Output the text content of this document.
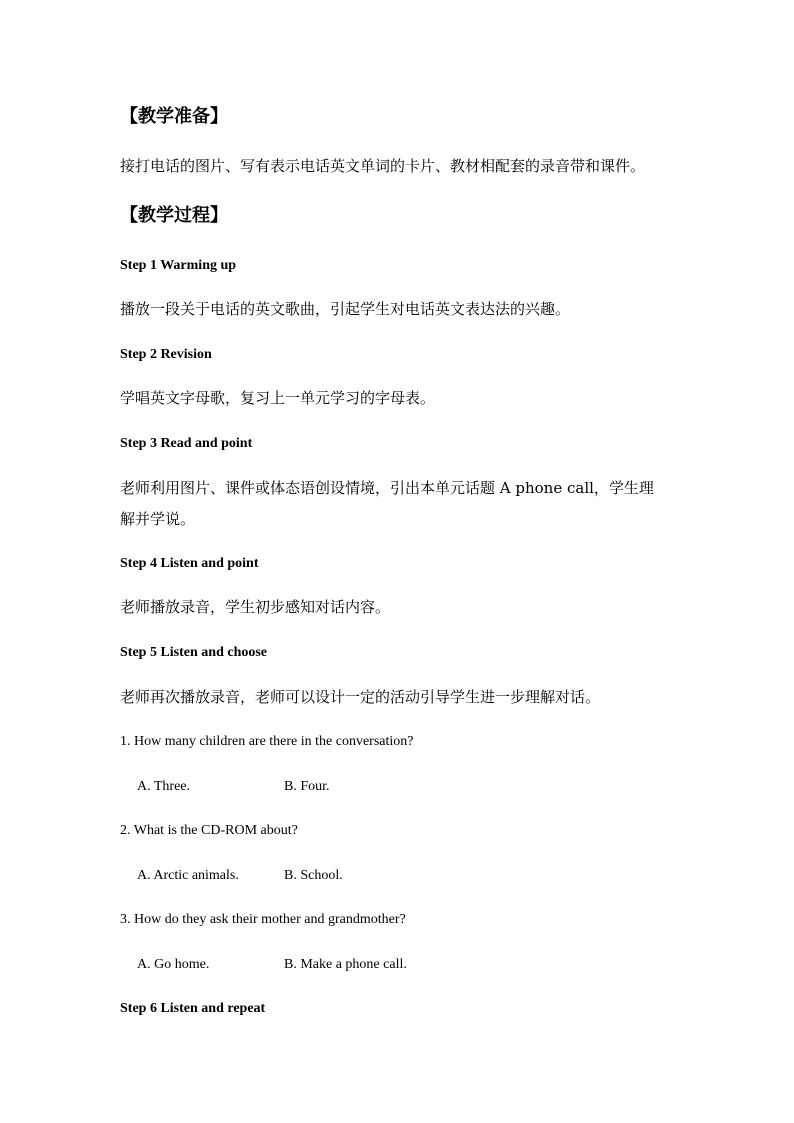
【教学准备】
接打电话的图片、写有表示电话英文单词的卡片、教材相配套的录音带和课件。
【教学过程】
Step 1 Warming up
播放一段关于电话的英文歌曲，引起学生对电话英文表达法的兴趣。
Step 2 Revision
学唱英文字母歌，复习上一单元学习的字母表。
Step 3 Read and point
老师利用图片、课件或体态语创设情境，引出本单元话题 A phone call，学生理
解并学说。
Step 4 Listen and point
老师播放录音，学生初步感知对话内容。
Step 5 Listen and choose
老师再次播放录音，老师可以设计一定的活动引导学生进一步理解对话。
1. How many children are there in the conversation?
A. Three.	B. Four.
2. What is the CD-ROM about?
A. Arctic animals.	B. School.
3. How do they ask their mother and grandmother?
A. Go home.	B. Make a phone call.
Step 6 Listen and repeat
